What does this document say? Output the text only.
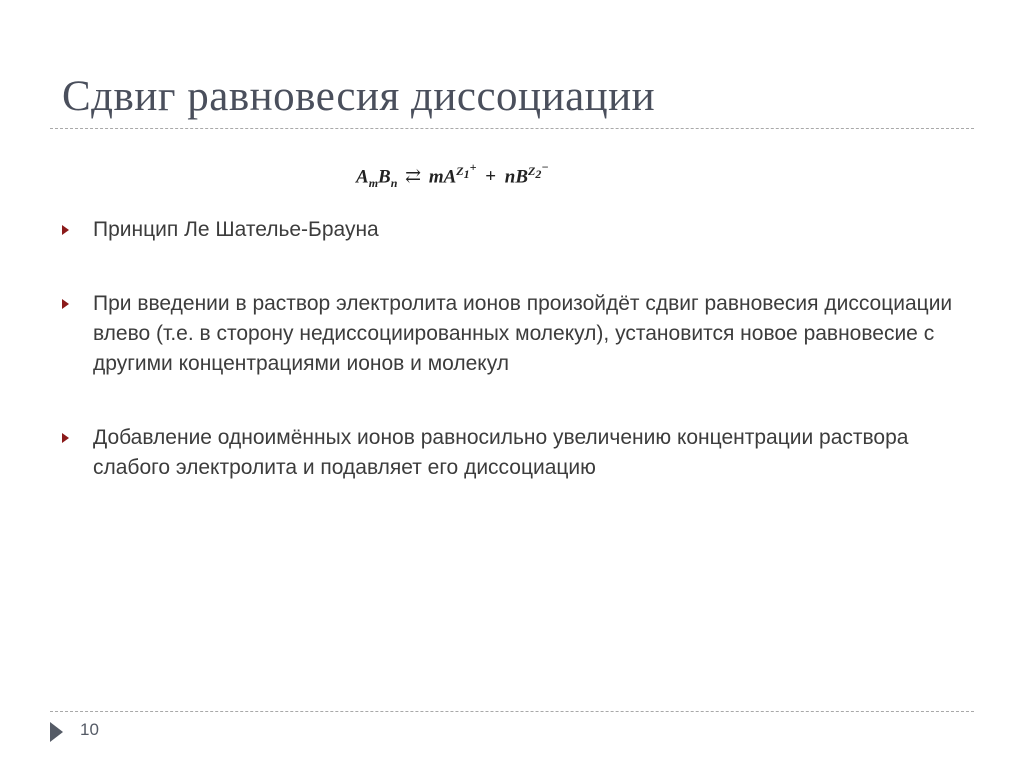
Сдвиг равновесия диссоциации
$A_mB_n$ ⇄ $mA^{Z_1^+} + nB^{Z_2^-}$
Принцип Ле Шателье-Брауна
При введении в раствор электролита ионов произойдёт сдвиг равновесия диссоциации влево (т.е. в сторону недиссоциированных молекул), установится новое равновесие с другими концентрациями ионов и молекул
Добавление одноимённых ионов равносильно увеличению концентрации раствора слабого электролита и подавляет его диссоциацию
10
